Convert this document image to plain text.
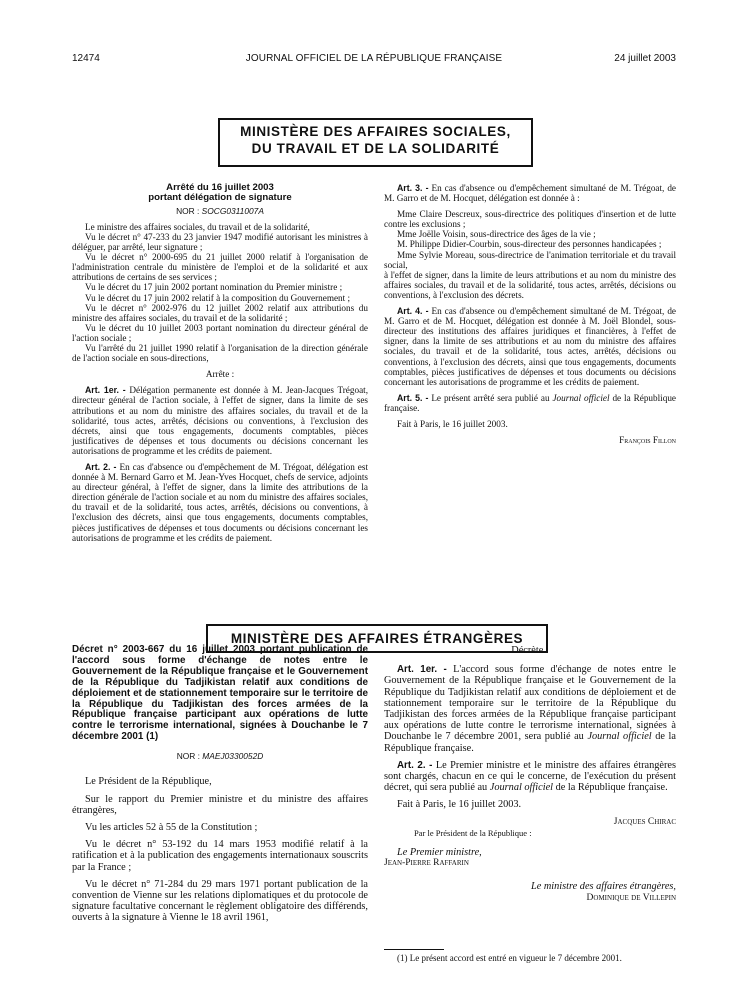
12474	JOURNAL OFFICIEL DE LA RÉPUBLIQUE FRANÇAISE	24 juillet 2003
MINISTÈRE DES AFFAIRES SOCIALES,
DU TRAVAIL ET DE LA SOLIDARITÉ
Arrêté du 16 juillet 2003
portant délégation de signature
NOR : SOCG0311007A

Le ministre des affaires sociales, du travail et de la solidarité,

Vu le décret n° 47-233 du 23 janvier 1947 modifié autorisant les ministres à déléguer, par arrêté, leur signature ;

Vu le décret n° 2000-695 du 21 juillet 2000 relatif à l'organisation de l'administration centrale du ministère de l'emploi et de la solidarité et aux attributions de certains de ses services ;

Vu le décret du 17 juin 2002 portant nomination du Premier ministre ;

Vu le décret du 17 juin 2002 relatif à la composition du Gouvernement ;

Vu le décret n° 2002-976 du 12 juillet 2002 relatif aux attributions du ministre des affaires sociales, du travail et de la solidarité ;

Vu le décret du 10 juillet 2003 portant nomination du directeur général de l'action sociale ;

Vu l'arrêté du 21 juillet 1990 relatif à l'organisation de la direction générale de l'action sociale en sous-directions,

Arrête :

Art. 1er. - Délégation permanente est donnée à M. Jean-Jacques Trégoat, directeur général de l'action sociale, à l'effet de signer, dans la limite de ses attributions et au nom du ministre des affaires sociales, du travail et de la solidarité, tous actes, arrêtés, décisions ou conventions, à l'exclusion des décrets, ainsi que tous engagements, documents comptables, pièces justificatives de dépenses et tous documents ou décisions concernant les autorisations de programme et les crédits de paiement.

Art. 2. - En cas d'absence ou d'empêchement de M. Trégoat, délégation est donnée à M. Bernard Garro et M. Jean-Yves Hocquet, chefs de service, adjoints au directeur général, à l'effet de signer, dans la limite des attributions de la direction générale de l'action sociale et au nom du ministre des affaires sociales, du travail et de la solidarité, tous actes, arrêtés, décisions ou conventions, à l'exclusion des décrets, ainsi que tous engagements, documents comptables, pièces justificatives de dépenses et tous documents ou décisions concernant les autorisations de programme et les crédits de paiement.

Art. 3. - En cas d'absence ou d'empêchement simultané de M. Trégoat, de M. Garro et de M. Hocquet, délégation est donnée à :

Mme Claire Descreux, sous-directrice des politiques d'insertion et de lutte contre les exclusions ;

Mme Joëlle Voisin, sous-directrice des âges de la vie ;

M. Philippe Didier-Courbin, sous-directeur des personnes handicapées ;

Mme Sylvie Moreau, sous-directrice de l'animation territoriale et du travail social,

à l'effet de signer, dans la limite de leurs attributions et au nom du ministre des affaires sociales, du travail et de la solidarité, tous actes, arrêtés, décisions ou conventions, à l'exclusion des décrets.

Art. 4. - En cas d'absence ou d'empêchement simultané de M. Trégoat, de M. Garro et de M. Hocquet, délégation est donnée à M. Joël Blondel, sous-directeur des institutions des affaires juridiques et financières, à l'effet de signer, dans la limite de ses attributions et au nom du ministre des affaires sociales, du travail et de la solidarité, tous actes, arrêtés, décisions ou conventions, à l'exclusion des décrets, ainsi que tous engagements, documents comptables, pièces justificatives de dépenses et tous documents ou décisions concernant les autorisations de programme et les crédits de paiement.

Art. 5. - Le présent arrêté sera publié au Journal officiel de la République française.

Fait à Paris, le 16 juillet 2003.

François Fillon

MINISTÈRE DES AFFAIRES ÉTRANGÈRES
Décret n° 2003-667 du 16 juillet 2003 portant publication de l'accord sous forme d'échange de notes entre le Gouvernement de la République française et le Gouvernement de la République du Tadjikistan relatif aux conditions de déploiement et de stationnement temporaire sur le territoire de la République du Tadjikistan des forces armées de la République française participant aux opérations de lutte contre le terrorisme international, signées à Douchanbe le 7 décembre 2001 (1)
NOR : MAEJ0330052D

Le Président de la République,

Sur le rapport du Premier ministre et du ministre des affaires étrangères,

Vu les articles 52 à 55 de la Constitution ;

Vu le décret n° 53-192 du 14 mars 1953 modifié relatif à la ratification et à la publication des engagements internationaux souscrits par la France ;

Vu le décret n° 71-284 du 29 mars 1971 portant publication de la convention de Vienne sur les relations diplomatiques et du protocole de signature facultative concernant le règlement obligatoire des différends, ouverts à la signature à Vienne le 18 avril 1961,

Décrète :

Art. 1er. - L'accord sous forme d'échange de notes entre le Gouvernement de la République française et le Gouvernement de la République du Tadjikistan relatif aux conditions de déploiement et de stationnement temporaire sur le territoire de la République du Tadjikistan des forces armées de la République française participant aux opérations de lutte contre le terrorisme international, signées à Douchanbe le 7 décembre 2001, sera publié au Journal officiel de la République française.

Art. 2. - Le Premier ministre et le ministre des affaires étrangères sont chargés, chacun en ce qui le concerne, de l'exécution du présent décret, qui sera publié au Journal officiel de la République française.

Fait à Paris, le 16 juillet 2003.

Jacques Chirac

Par le Président de la République :

Le Premier ministre,

Jean-Pierre Raffarin

Le ministre des affaires étrangères,

Dominique de Villepin

(1) Le présent accord est entré en vigueur le 7 décembre 2001.
